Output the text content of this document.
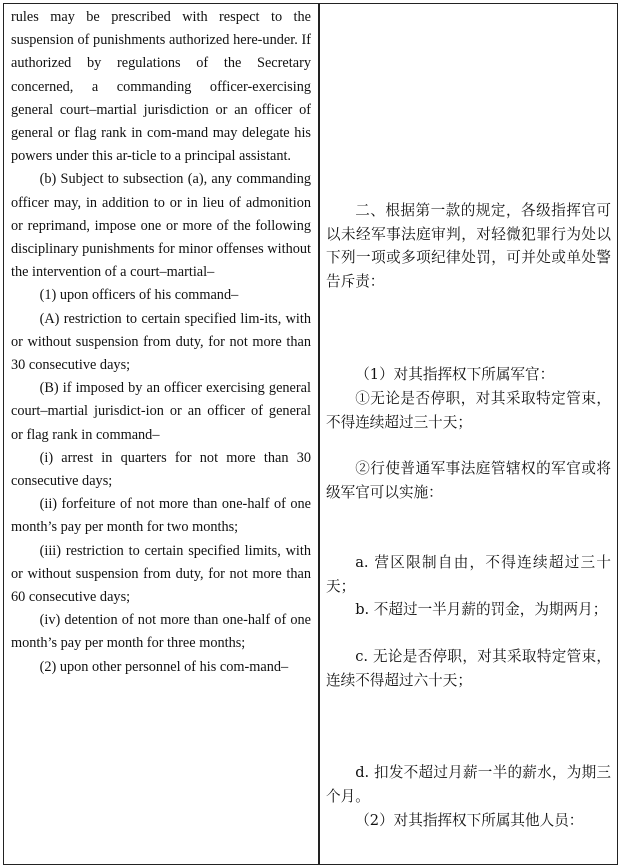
rules may be prescribed with respect to the suspension of punishments authorized here-under. If authorized by regulations of the Secretary concerned, a commanding officer-exercising general court–martial jurisdiction or an officer of general or flag rank in com-mand may delegate his powers under this ar-ticle to a principal assistant.

(b) Subject to subsection (a), any commanding officer may, in addition to or in lieu of admonition or reprimand, impose one or more of the following disciplinary punishments for minor offenses without the intervention of a court–martial–

(1) upon officers of his command–

(A) restriction to certain specified lim-its, with or without suspension from duty, for not more than 30 consecutive days;

(B) if imposed by an officer exercising general court–martial jurisdict-ion or an officer of general or flag rank in command–

(i) arrest in quarters for not more than 30 consecutive days;

(ii) forfeiture of not more than one-half of one month’s pay per month for two months;

(iii) restriction to certain specified limits, with or without suspension from duty, for not more than 60 consecutive days;

(iv) detention of not more than one-half of one month’s pay per month for three months;

(2) upon other personnel of his com-mand–

二、根据第一款的规定，各级指挥官可以未经军事法庭审判，对轻微犯罪行为处以下列一项或多项纪律处罚，可并处或单处警告斥责：

（1）对其指挥权下所属军官：

①无论是否停职，对其采取特定管束，不得连续超过三十天；

②行使普通军事法庭管辖权的军官或将级军官可以实施：

a. 营区限制自由，不得连续超过三十天；

b. 不超过一半月薪的罚金，为期两月；

c. 无论是否停职，对其采取特定管束，连续不得超过六十天；

d. 扣发不超过月薪一半的薪水，为期三个月。

（2）对其指挥权下所属其他人员：
